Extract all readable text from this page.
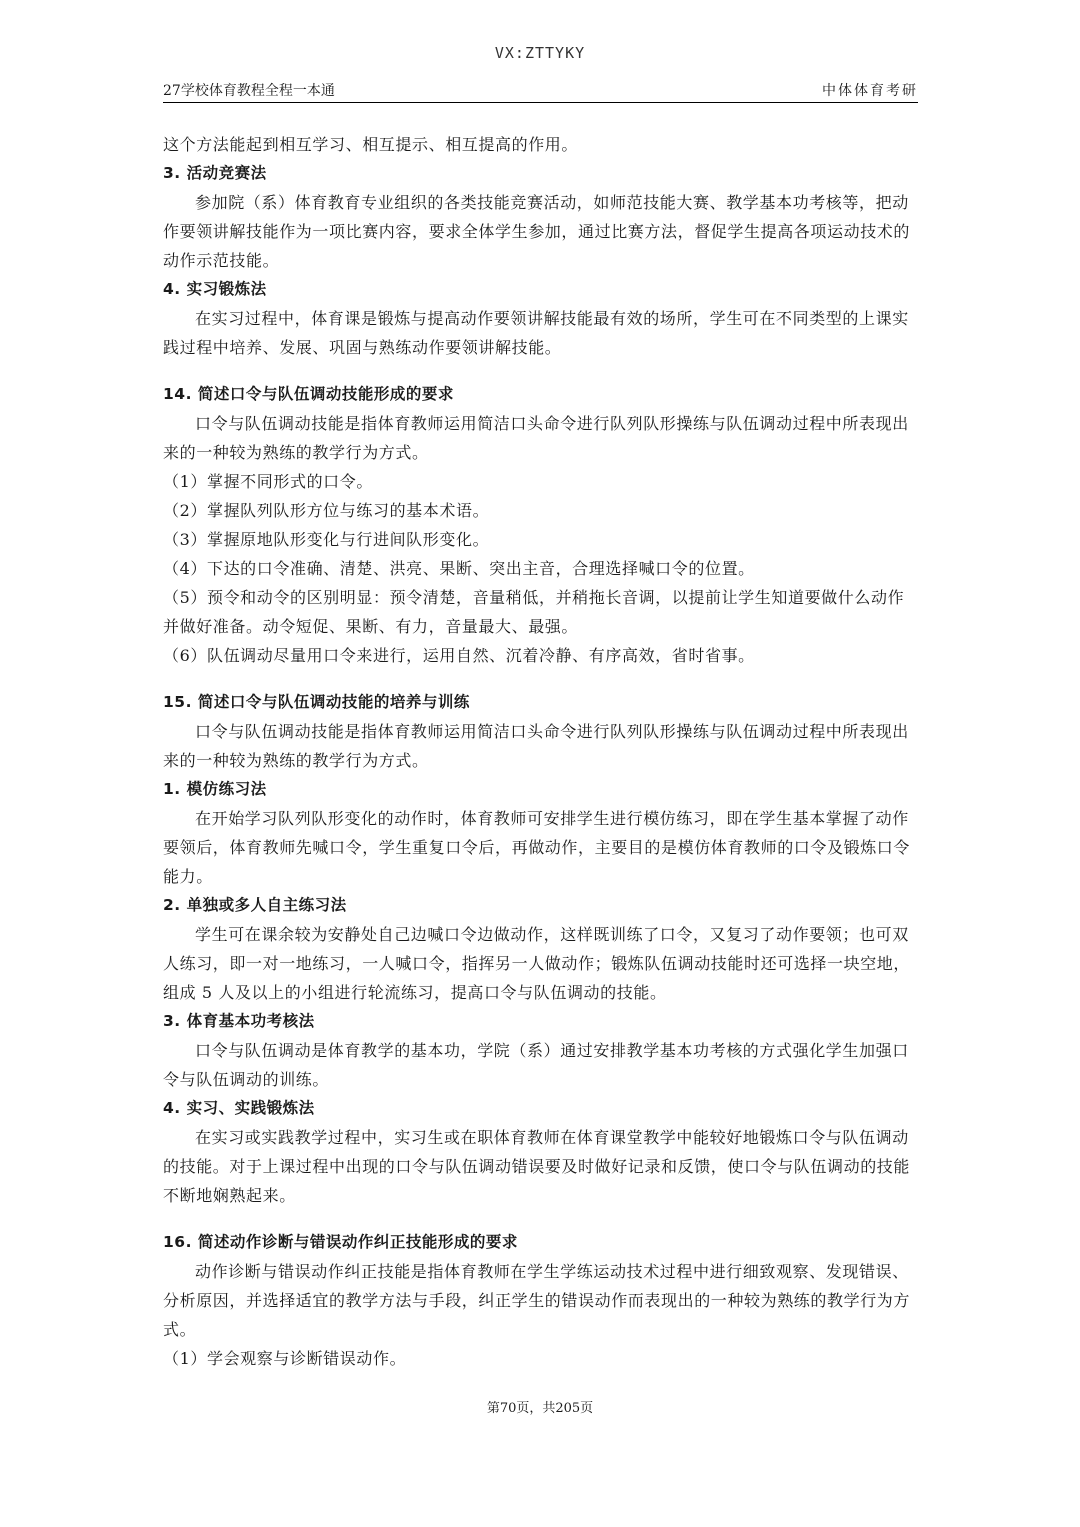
VX:ZTTYKY
27学校体育教程全程一本通	中体体育考研

这个方法能起到相互学习、相互提示、相互提高的作用。

3. 活动竞赛法

参加院（系）体育教育专业组织的各类技能竞赛活动，如师范技能大赛、教学基本功考核等，把动作要领讲解技能作为一项比赛内容，要求全体学生参加，通过比赛方法，督促学生提高各项运动技术的动作示范技能。

4. 实习锻炼法

在实习过程中，体育课是锻炼与提高动作要领讲解技能最有效的场所，学生可在不同类型的上课实践过程中培养、发展、巩固与熟练动作要领讲解技能。

14. 简述口令与队伍调动技能形成的要求

口令与队伍调动技能是指体育教师运用简洁口头命令进行队列队形操练与队伍调动过程中所表现出来的一种较为熟练的教学行为方式。

（1）掌握不同形式的口令。

（2）掌握队列队形方位与练习的基本术语。

（3）掌握原地队形变化与行进间队形变化。

（4）下达的口令准确、清楚、洪亮、果断、突出主音，合理选择喊口令的位置。

（5）预令和动令的区别明显：预令清楚，音量稍低，并稍拖长音调，以提前让学生知道要做什么动作并做好准备。动令短促、果断、有力，音量最大、最强。

（6）队伍调动尽量用口令来进行，运用自然、沉着冷静、有序高效，省时省事。

15. 简述口令与队伍调动技能的培养与训练

口令与队伍调动技能是指体育教师运用简洁口头命令进行队列队形操练与队伍调动过程中所表现出来的一种较为熟练的教学行为方式。

1. 模仿练习法

在开始学习队列队形变化的动作时，体育教师可安排学生进行模仿练习，即在学生基本掌握了动作要领后，体育教师先喊口令，学生重复口令后，再做动作，主要目的是模仿体育教师的口令及锻炼口令能力。

2. 单独或多人自主练习法

学生可在课余较为安静处自己边喊口令边做动作，这样既训练了口令，又复习了动作要领；也可双人练习，即一对一地练习，一人喊口令，指挥另一人做动作；锻炼队伍调动技能时还可选择一块空地，组成 5 人及以上的小组进行轮流练习，提高口令与队伍调动的技能。

3. 体育基本功考核法

口令与队伍调动是体育教学的基本功，学院（系）通过安排教学基本功考核的方式强化学生加强口令与队伍调动的训练。

4. 实习、实践锻炼法

在实习或实践教学过程中，实习生或在职体育教师在体育课堂教学中能较好地锻炼口令与队伍调动的技能。对于上课过程中出现的口令与队伍调动错误要及时做好记录和反馈，使口令与队伍调动的技能不断地娴熟起来。

16. 简述动作诊断与错误动作纠正技能形成的要求

动作诊断与错误动作纠正技能是指体育教师在学生学练运动技术过程中进行细致观察、发现错误、分析原因，并选择适宜的教学方法与手段，纠正学生的错误动作而表现出的一种较为熟练的教学行为方式。

（1）学会观察与诊断错误动作。

第70页，共205页
